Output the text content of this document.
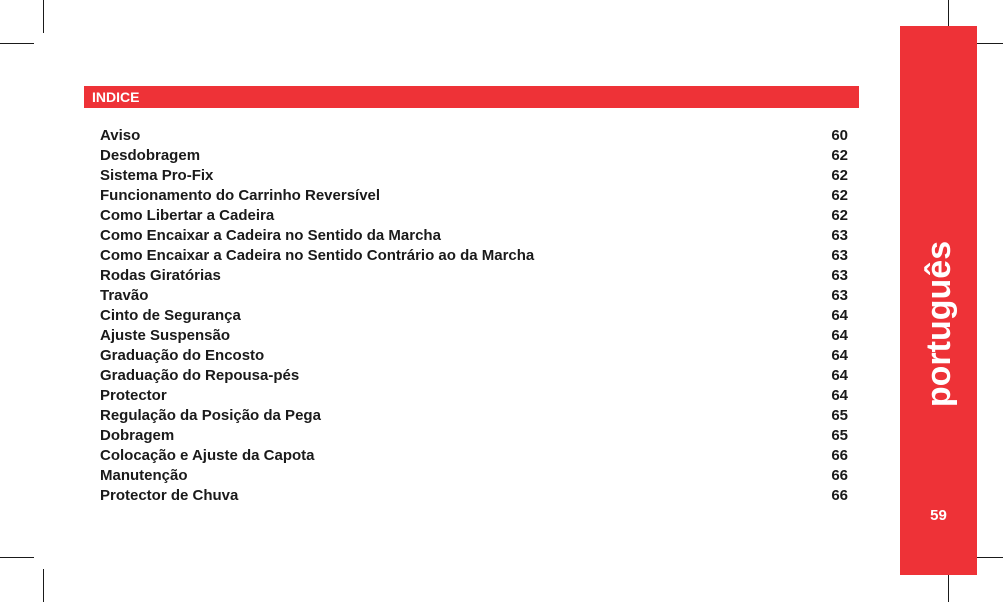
INDICE
Aviso	60
Desdobragem	62
Sistema Pro-Fix	62
Funcionamento do Carrinho Reversível	62
Como Libertar a Cadeira	62
Como Encaixar a Cadeira no Sentido da Marcha	63
Como Encaixar a Cadeira no Sentido Contrário ao da Marcha	63
Rodas Giratórias	63
Travão	63
Cinto de Segurança	64
Ajuste Suspensão	64
Graduação do Encosto	64
Graduação do Repousa-pés	64
Protector	64
Regulação da Posição da Pega	65
Dobragem	65
Colocação e Ajuste da Capota	66
Manutenção	66
Protector de Chuva	66
português
59
